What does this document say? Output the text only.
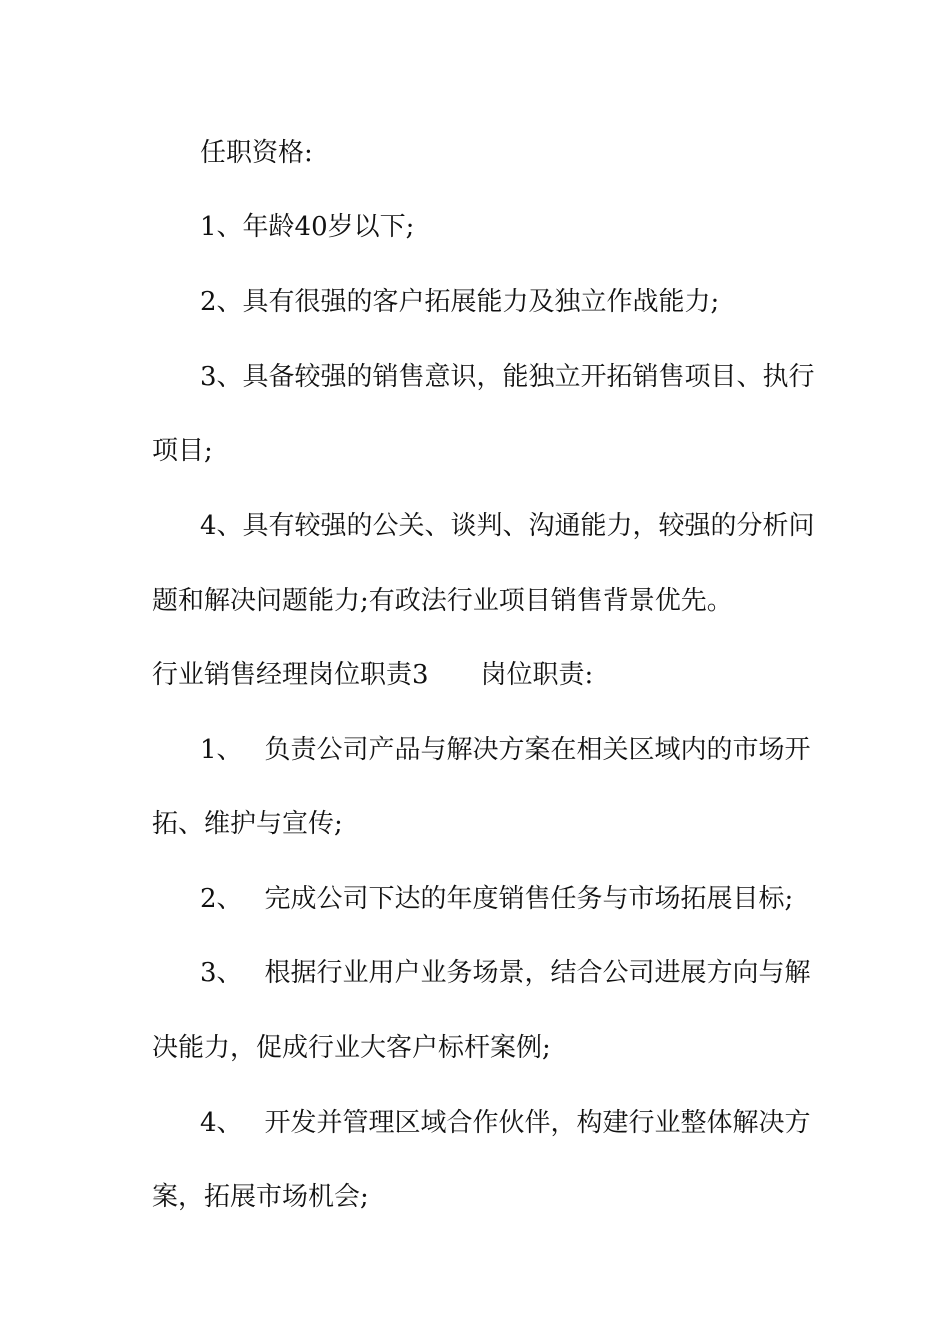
任职资格:
1、年龄40岁以下;
2、具有很强的客户拓展能力及独立作战能力;
3、具备较强的销售意识，能独立开拓销售项目、执行
项目;
4、具有较强的公关、谈判、沟通能力，较强的分析问
题和解决问题能力;有政法行业项目销售背景优先。
行业销售经理岗位职责3 岗位职责:
1、 负责公司产品与解决方案在相关区域内的市场开
拓、维护与宣传;
2、 完成公司下达的年度销售任务与市场拓展目标;
3、 根据行业用户业务场景，结合公司进展方向与解
决能力，促成行业大客户标杆案例;
4、 开发并管理区域合作伙伴，构建行业整体解决方
案，拓展市场机会;
